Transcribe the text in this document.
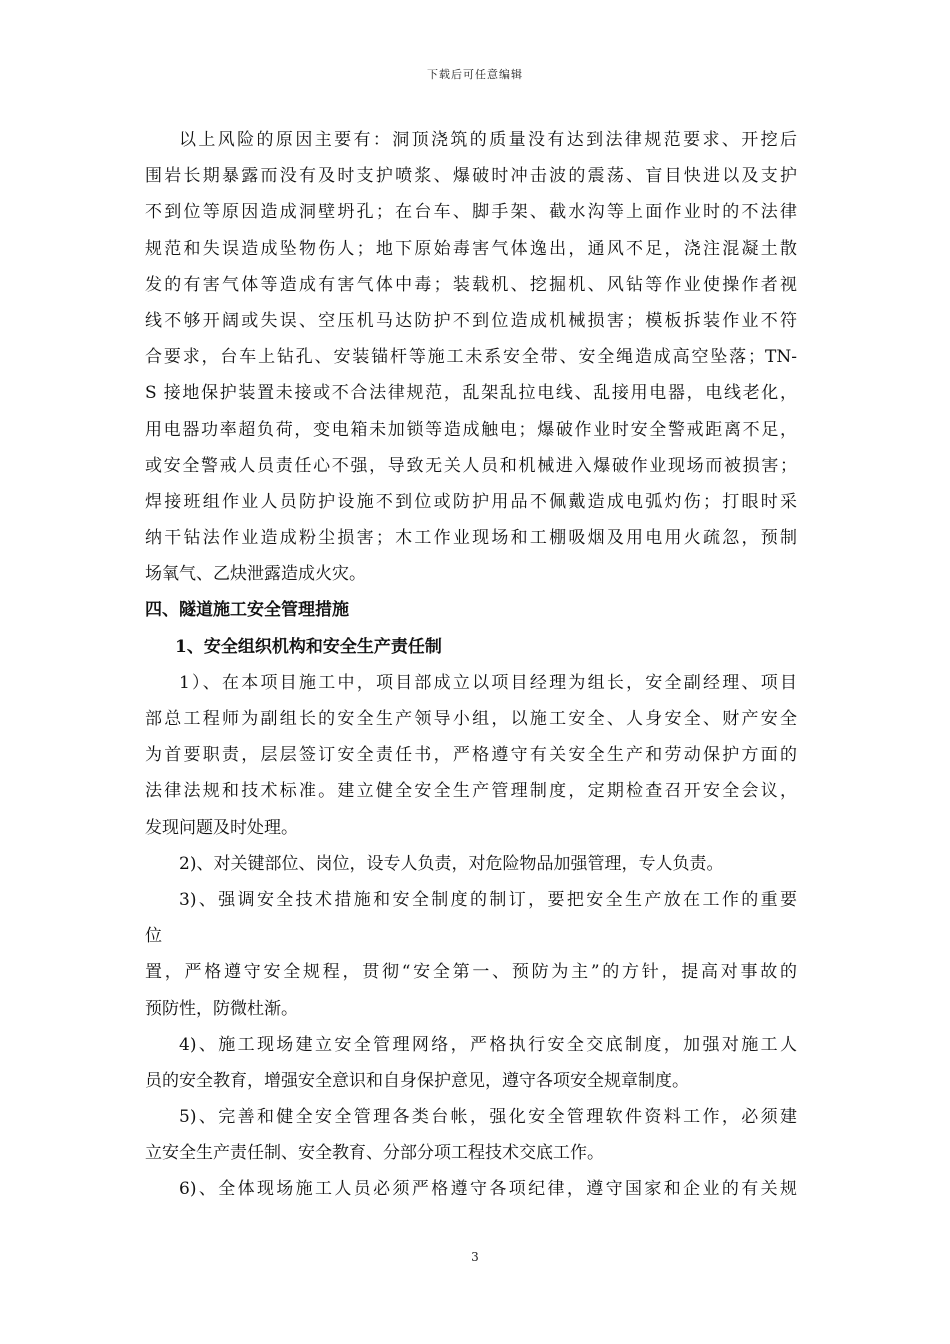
下载后可任意编辑
以上风险的原因主要有：洞顶浇筑的质量没有达到法律规范要求、开挖后
围岩长期暴露而没有及时支护喷浆、爆破时冲击波的震荡、盲目快进以及支护
不到位等原因造成洞壁坍孔；在台车、脚手架、截水沟等上面作业时的不法律
规范和失误造成坠物伤人；地下原始毒害气体逸出，通风不足，浇注混凝土散
发的有害气体等造成有害气体中毒；装载机、挖掘机、风钻等作业使操作者视
线不够开阔或失误、空压机马达防护不到位造成机械损害；模板拆装作业不符
合要求，台车上钻孔、安装锚杆等施工未系安全带、安全绳造成高空坠落；TN-
S 接地保护装置未接或不合法律规范，乱架乱拉电线、乱接用电器，电线老化，
用电器功率超负荷，变电箱未加锁等造成触电；爆破作业时安全警戒距离不足，
或安全警戒人员责任心不强，导致无关人员和机械进入爆破作业现场而被损害；
焊接班组作业人员防护设施不到位或防护用品不佩戴造成电弧灼伤；打眼时采
纳干钻法作业造成粉尘损害；木工作业现场和工棚吸烟及用电用火疏忽，预制
场氧气、乙炔泄露造成火灾。
四、隧道施工安全管理措施
1、安全组织机构和安全生产责任制
1）、在本项目施工中，项目部成立以项目经理为组长，安全副经理、项目
部总工程师为副组长的安全生产领导小组，以施工安全、人身安全、财产安全
为首要职责，层层签订安全责任书，严格遵守有关安全生产和劳动保护方面的
法律法规和技术标准。建立健全安全生产管理制度，定期检查召开安全会议，
发现问题及时处理。
2)、对关键部位、岗位，设专人负责，对危险物品加强管理，专人负责。
3)、强调安全技术措施和安全制度的制订，要把安全生产放在工作的重要
位
置，严格遵守安全规程，贯彻“安全第一、预防为主”的方针，提高对事故的
预防性，防微杜渐。
4)、施工现场建立安全管理网络，严格执行安全交底制度，加强对施工人
员的安全教育，增强安全意识和自身保护意见，遵守各项安全规章制度。
5)、完善和健全安全管理各类台帐，强化安全管理软件资料工作，必须建
立安全生产责任制、安全教育、分部分项工程技术交底工作。
6)、全体现场施工人员必须严格遵守各项纪律，遵守国家和企业的有关规
3
